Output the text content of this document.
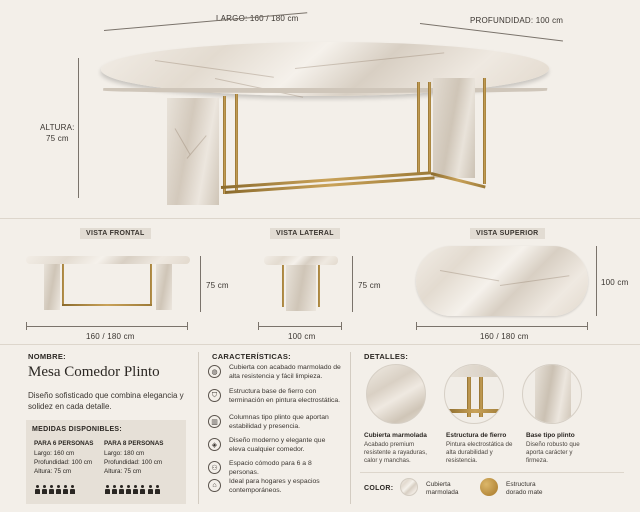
LARGO: 160 / 180 cm	PROFUNDIDAD: 100 cm
ALTURA:
75 cm
VISTA FRONTAL	VISTA LATERAL	VISTA SUPERIOR
160 / 180 cm
75 cm
100 cm
75 cm
160 / 180 cm
100 cm
NOMBRE:
Mesa Comedor Plinto
Diseño sofisticado que combina elegancia y solidez en cada detalle.
MEDIDAS DISPONIBLES:
PARA 6 PERSONAS
Largo: 160 cm
Profundidad: 100 cm
Altura: 75 cm
PARA 8 PERSONAS
Largo: 180 cm
Profundidad: 100 cm
Altura: 75 cm
CARACTERÍSTICAS:
◍
Cubierta con acabado marmolado de alta resistencia y fácil limpieza.
⛉	Estructura base de fierro con terminación en pintura electrostática.
▥
Columnas tipo plinto que aportan estabilidad y presencia.
◈
Diseño moderno y elegante que eleva cualquier comedor.
⚇
Espacio cómodo para 6 a 8 personas.
⌂
Ideal para hogares y espacios contemporáneos.
DETALLES:
Cubierta marmolada
Acabado premium resistente a rayaduras, calor y manchas.
Estructura de fierro
Pintura electrostática de alta durabilidad y resistencia.
Base tipo plinto
Diseño robusto que aporta carácter y firmeza.
COLOR:
Cubierta
marmolada
Estructura
dorado mate
